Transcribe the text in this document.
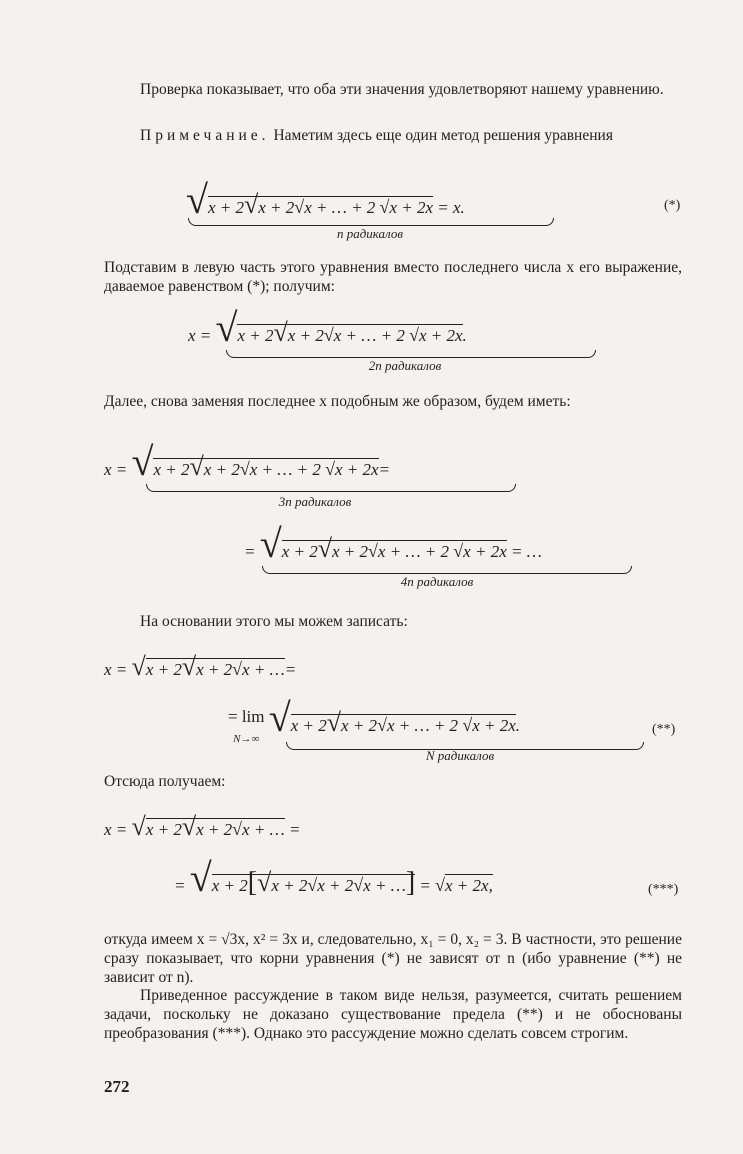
Проверка показывает, что оба эти значения удовлетворяют нашему уравнению.
Примечание. Наметим здесь еще один метод решения уравнения
√x + 2√x + 2√x + … + 2 √x + 2x = x.
n радикалов
(*)
Подставим в левую часть этого уравнения вместо последнего числа x его выражение, даваемое равенством (*); получим:
x = √x + 2√x + 2√x + … + 2 √x + 2x.
2n радикалов
Далее, снова заменяя последнее x подобным же образом, будем иметь:
x = √x + 2√x + 2√x + … + 2 √x + 2x=
3n радикалов
= √x + 2√x + 2√x + … + 2 √x + 2x = …
4n радикалов
На основании этого мы можем записать:
x = √x + 2√x + 2√x + …=
= lim
N→∞ √x + 2√x + 2√x + … + 2 √x + 2x.	(**)
N радикалов
Отсюда получаем:
x = √x + 2√x + 2√x + … =
= √x + 2[√x + 2√x + 2√x + …] = √x + 2x,	(***)
откуда имеем x = √3x, x² = 3x и, следовательно, x₁ = 0, x₂ = 3. В частности, это решение сразу показывает, что корни уравнения (*) не зависят от n (ибо уравнение (**) не зависит от n).
Приведенное рассуждение в таком виде нельзя, разумеется, считать решением задачи, поскольку не доказано существование предела (**) и не обоснованы преобразования (***). Однако это рассуждение можно сделать совсем строгим.
272
